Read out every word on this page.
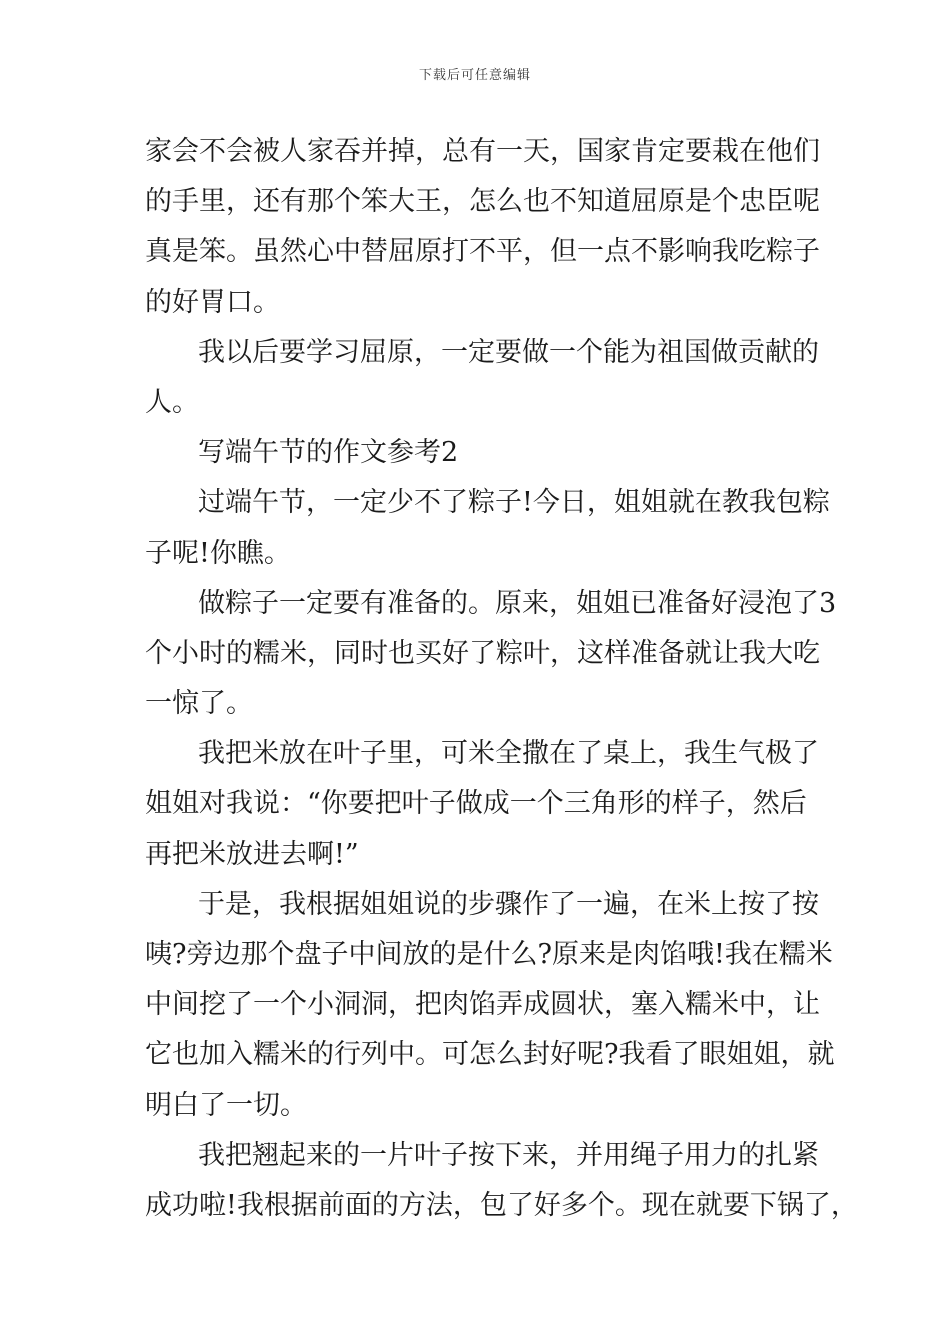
下载后可任意编辑
家会不会被人家吞并掉，总有一天，国家肯定要栽在他们
的手里，还有那个笨大王，怎么也不知道屈原是个忠臣呢
真是笨。虽然心中替屈原打不平，但一点不影响我吃粽子
的好胃口。
我以后要学习屈原，一定要做一个能为祖国做贡献的
人。
写端午节的作文参考2
过端午节，一定少不了粽子!今日，姐姐就在教我包粽
子呢!你瞧。
做粽子一定要有准备的。原来，姐姐已准备好浸泡了3
个小时的糯米，同时也买好了粽叶，这样准备就让我大吃
一惊了。
我把米放在叶子里，可米全撒在了桌上，我生气极了
姐姐对我说：“你要把叶子做成一个三角形的样子，然后
再把米放进去啊!”
于是，我根据姐姐说的步骤作了一遍，在米上按了按
咦?旁边那个盘子中间放的是什么?原来是肉馅哦!我在糯米
中间挖了一个小洞洞，把肉馅弄成圆状，塞入糯米中，让
它也加入糯米的行列中。可怎么封好呢?我看了眼姐姐，就
明白了一切。
我把翘起来的一片叶子按下来，并用绳子用力的扎紧
成功啦!我根据前面的方法，包了好多个。现在就要下锅了，
